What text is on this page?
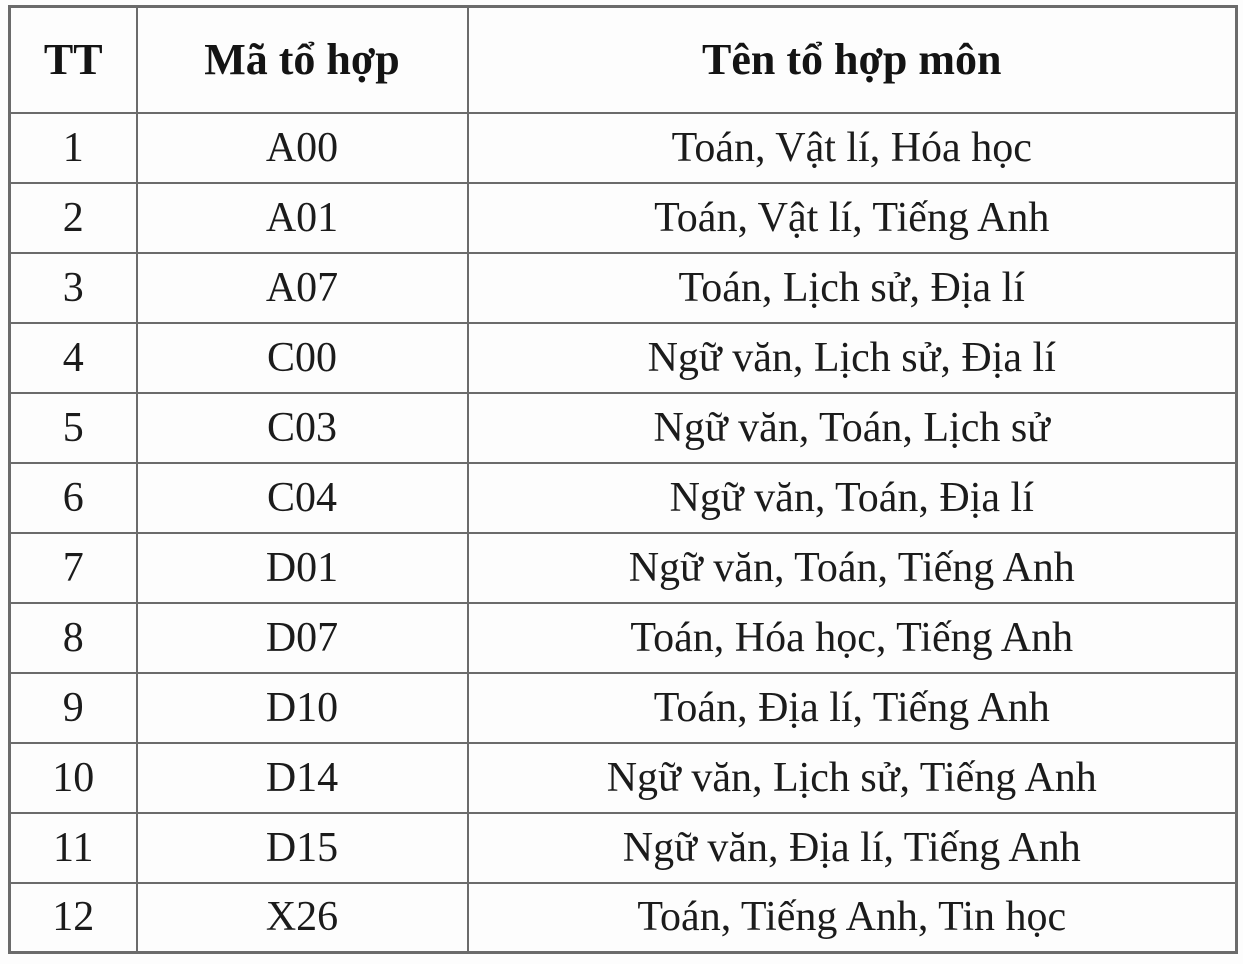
TT	Mã tổ hợp	Tên tổ hợp môn
1	A00	Toán, Vật lí, Hóa học
2	A01	Toán, Vật lí, Tiếng Anh
3	A07	Toán, Lịch sử, Địa lí
4	C00	Ngữ văn, Lịch sử, Địa lí
5	C03	Ngữ văn, Toán, Lịch sử
6	C04	Ngữ văn, Toán, Địa lí
7	D01	Ngữ văn, Toán, Tiếng Anh
8	D07	Toán, Hóa học, Tiếng Anh
9	D10	Toán, Địa lí, Tiếng Anh
10	D14	Ngữ văn, Lịch sử, Tiếng Anh
11	D15	Ngữ văn, Địa lí, Tiếng Anh
12	X26	Toán, Tiếng Anh, Tin học
